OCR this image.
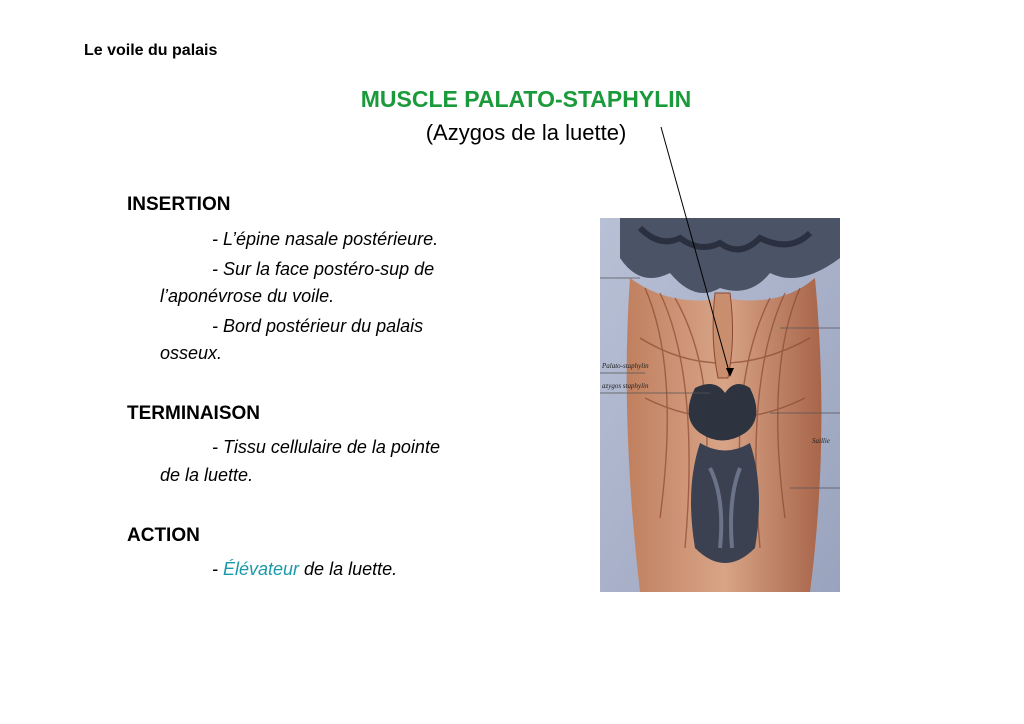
Le voile du palais
MUSCLE PALATO-STAPHYLIN
(Azygos de la luette)
INSERTION
- L’épine nasale postérieure.
- Sur la face postéro-sup de
l’aponévrose du voile.
- Bord postérieur du palais
osseux.
TERMINAISON
- Tissu cellulaire de la pointe
de la luette.
ACTION
- Élévateur de la luette.
Palato-staphylin
azygos staphylin
Saillie
